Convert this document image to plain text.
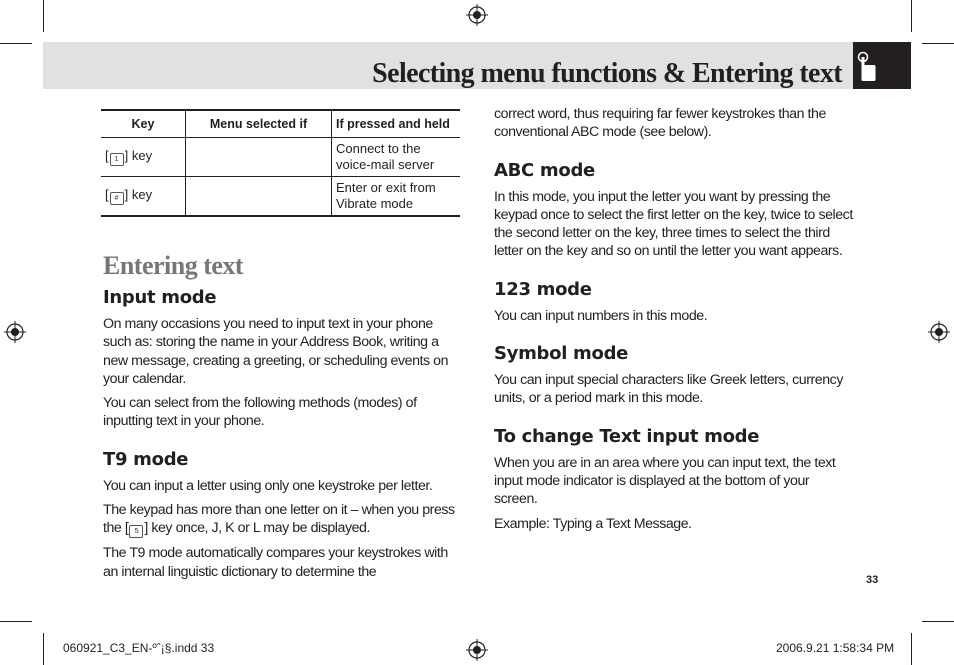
Selecting menu functions & Entering text
Key	Menu selected if	If pressed and held
[ 1 ] key		Connect to the voice-mail server
[ # ] key		Enter or exit from Vibrate mode
Entering text
Input mode

On many occasions you need to input text in your phone such as: storing the name in your Address Book, writing a new message, creating a greeting, or scheduling events on your calendar.

You can select from the following methods (modes) of inputting text in your phone.

T9 mode

You can input a letter using only one keystroke per letter.

The keypad has more than one letter on it – when you press the [ 5 ] key once, J, K or L may be displayed.

The T9 mode automatically compares your keystrokes with an internal linguistic dictionary to determine the

correct word, thus requiring far fewer keystrokes than the conventional ABC mode (see below).

ABC mode

In this mode, you input the letter you want by pressing the keypad once to select the first letter on the key, twice to select the second letter on the key, three times to select the third letter on the key and so on until the letter you want appears.

123 mode

You can input numbers in this mode.

Symbol mode

You can input special characters like Greek letters, currency units, or a period mark in this mode.

To change Text input mode

When you are in an area where you can input text, the text input mode indicator is displayed at the bottom of your screen.

Example: Typing a Text Message.

33
060921_C3_EN-ºˆ¡§.indd 33	2006.9.21 1:58:34 PM
